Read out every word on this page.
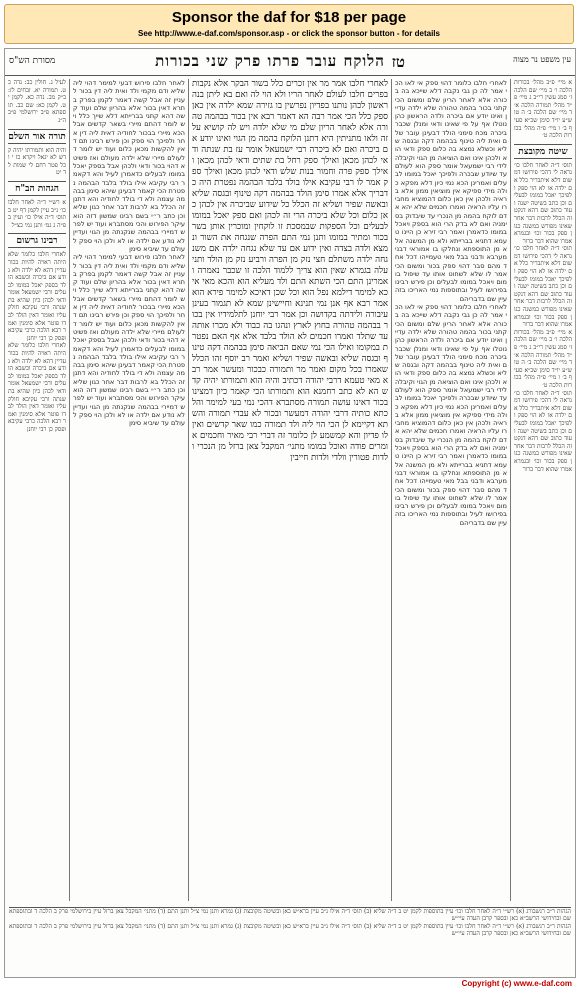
Sponsor the daf for $18 per page
See http://www.e-daf.com/sponsor.asp - or click the sponsor button - for details
עין משפט נר מצוה
טז
הלוקח עובר פרתו פרק שני בכורות
מסורת הש"ס
א מיי׳ פ״ב מהל׳ בכורות הלכה ו׳ ב מיי׳ שם הלכה ז׳ סמג עשין רי״ב ג מיי׳ פ״ד מהל׳ תמורה הלכה א׳ ד מיי׳ שם הלכה ב׳ ה טוש״ע יו״ד סימן שכ״א סעיף ב׳ ו מיי׳ פ״ה מהל׳ בכורות הלכה ט׳
שיטה מקובצת
תוס׳ ד״ה לאחר חלבו כו׳ נראה לי דהכי פירושו דמשום דלא איתבריר כלל אם ילדה או לא הוי ספק ולפיכך יאכל במומו לבעלים וכן כתב בשיטה ישנה ועוד כתוב שם דהא דנקט זה הכלל לרבות דבר אחר שאינו מפורש במשנה כגון ספק בכור וכו׳ ובגמרא אמרו שהוא דבר ברור
תוס׳ ד״ה לאחר חלבו כו׳ נראה לי דהכי פירושו דמשום דלא איתבריר כלל אם ילדה או לא הוי ספק ולפיכך יאכל במומו לבעלים וכן כתב בשיטה ישנה ועוד כתוב שם דהא דנקט זה הכלל לרבות דבר אחר שאינו מפורש במשנה כגון ספק בכור וכו׳ ובגמרא אמרו שהוא דבר ברור
א מיי׳ פ״ב מהל׳ בכורות הלכה ו׳ ב מיי׳ שם הלכה ז׳ סמג עשין רי״ב ג מיי׳ פ״ד מהל׳ תמורה הלכה א׳ ד מיי׳ שם הלכה ב׳ ה טוש״ע יו״ד סימן שכ״א סעיף ב׳ ו מיי׳ פ״ה מהל׳ בכורות הלכה ט׳
תוס׳ ד״ה לאחר חלבו כו׳ נראה לי דהכי פירושו דמשום דלא איתבריר כלל אם ילדה או לא הוי ספק ולפיכך יאכל במומו לבעלים וכן כתב בשיטה ישנה ועוד כתוב שם דהא דנקט זה הכלל לרבות דבר אחר שאינו מפורש במשנה כגון ספק בכור וכו׳ ובגמרא אמרו שהוא דבר ברור
לאחרי חלבו כלומר דהוי ספק אי לאו הכי אמר לה כן גבי נקבה דלא שייכא בה בכורה אלא לאחר הריון שלם ומשום הכי קתני בכור בהמה טהורה שלא ילדה עדיין ואינו יודע אם ביכרה ולדה הראשון כהן נוטלו אף על פי שאינו ודאי ומנלן שכבר ביכרה מכח סימני הולד דבעינן עובר שלם ואית ליה טינוף בבהמה דקה ובגסה שליא וכשלא נמצא בה כלום ספק ודאי הוא ולכהן אינו ואם הוציאה מן הגוי וקיבלה לידי רבי ישמעאל אומר ספק הוא לעולם עד שיודע שבכרה ולפיכך יאכל במומו לבעלים ואמרינן הכא נמי כיון דלא מפקא כולה מידי ספיקא אין מוציאין ממון אלא בראיה ולכהן אין כאן כלום דהמוציא מחבירו עליו הראיה ואמרו חכמים שלא יהא אדם לוקח בהמה מן הנכרי עד שיבדוק בסימניה ואם לא בדק הרי הוא בספק ויאכל במומו כדאמרן ואמר רבי זירא כן היינו טעמא דתניא בברייתא ולא מן המשנה אלא מן התוספתא ונחלקו בו אמוראי דבני מערבא ודבני בבל מאי טעמייהו דכל אחד מהם סבר דהוי ספק בכור ומשום הכי אמר לו שלא לשחוט אותו עד שיפול בו מום ויאכל במומו לבעלים וכן פירש רבינו בפירושו לעיל ובתוספות נמי האריכו בזה עיין שם בדבריהם
לאחרי חלבו כלומר דהוי ספק אי לאו הכי אמר לה כן גבי נקבה דלא שייכא בה בכורה אלא לאחר הריון שלם ומשום הכי קתני בכור בהמה טהורה שלא ילדה עדיין ואינו יודע אם ביכרה ולדה הראשון כהן נוטלו אף על פי שאינו ודאי ומנלן שכבר ביכרה מכח סימני הולד דבעינן עובר שלם ואית ליה טינוף בבהמה דקה ובגסה שליא וכשלא נמצא בה כלום ספק ודאי הוא ולכהן אינו ואם הוציאה מן הגוי וקיבלה לידי רבי ישמעאל אומר ספק הוא לעולם עד שיודע שבכרה ולפיכך יאכל במומו לבעלים ואמרינן הכא נמי כיון דלא מפקא כולה מידי ספיקא אין מוציאין ממון אלא בראיה ולכהן אין כאן כלום דהמוציא מחבירו עליו הראיה ואמרו חכמים שלא יהא אדם לוקח בהמה מן הנכרי עד שיבדוק בסימניה ואם לא בדק הרי הוא בספק ויאכל במומו כדאמרן ואמר רבי זירא כן היינו טעמא דתניא בברייתא ולא מן המשנה אלא מן התוספתא ונחלקו בו אמוראי דבני מערבא ודבני בבל מאי טעמייהו דכל אחד מהם סבר דהוי ספק בכור ומשום הכי אמר לו שלא לשחוט אותו עד שיפול בו מום ויאכל במומו לבעלים וכן פירש רבינו בפירושו לעיל ובתוספות נמי האריכו בזה עיין שם בדבריהם
לאחרי חלבו אמר מר אין זכרים כלל בשור הבקר אלא נקבות בפרים חלבו לעולם לאחר הריו ולא הוי לה ואם בא ליתן בנה ראשון לכהן נותנו בפדיון נפרשין בו גזירה שמא ילדה אין כאן ספק כלל הכי אמר רבה הא דאמר רבא אין בכור בבהמה טהורה אלא לאחר הריון שלם מי שלא ילדה ויש לה קושיא על זה ולאו מתניתין היא דתנן הלוקח בהמה מן הגוי ואינו יודע אם ביכרה ואם לא ביכרה רבי ישמעאל אומר עז בת שנתה ודאי לכהן מכאן ואילך ספק רחל בת שתים ודאי לכהן מכאן ואילך ספק פרה וחמור בנות שלש ודאי לכהן מכאן ואילך ספק אמר לו רבי עקיבא אילו בולד בלבד הבהמה נפטרת היה כדבריך אלא אמרו סימן הולד בבהמה דקה טינוף ובגסה שליא ובאשה שפיר ושליא זה הכלל כל שידוע שביכרה אין לכהן כאן כלום וכל שלא ביכרה הרי זה לכהן ואם ספק יאכל במומו לבעלים וכל הספקות שבמסכת זו לוקחין ומוכרין אותן בשר בכור ומתיר במומו ותנן נמי התם הפרה שנגחה את השור ונמצא ולדה בצדה ואין ידוע אם עד שלא נגחה ילדה אם משנגחה ילדה משתלם חצי נזק מן הפרה ורביע נזק מן הולד ותני עלה בגמרא שאין הוא צריך ללמוד הלכה זו שכבר נאמרה ואמרינן התם הכי השתא התם ולד מעליא הוא והכא מאי איכא למימר דילמא נפל הוא וכל שכן דאיכא למימר פירא הוא אמר רבא אף אנן נמי תנינא וחיישינן שמא לא תגמור בעינן עיבורה ולידתה בקדושה וכן אמר רבי יוחנן לתלמידיו אין בכור בבהמה טהורה בחוץ לארץ ונהגו בה כבוד ולא מכרו אותה עד שתלד ואמרו חכמים לא הולד בלבד אלא אף האם נפטרת במקומו ואילו הכי נמי שאם הביאה סימן בבהמה דקה טינוף ובגסה שליא ובאשה שפיר ושליא ואמר רב יוסף זהו הכלל שאמרו בכל מקום ואמר מר ותמורה כבכור ומעשר אמר רבא מאי טעמא דרבי יהודה דכתיב והיה הוא ותמורתו יהיה קדש הא לא כתב רחמנא הוא ותמורתו הכי קאמר כיון דמצינו בכור דאינו עושה תמורה מסתברא דהכי נמי בעי למימר והלכתא כותיה דרבי יהודה דמעשר ובכור לא עבדי תמורה והשתא דקיימא לן הכי הוי ליה ולד תמורה כמו שאר קדשים ואין לו פדיון והא קמשמע לן כלומר זה דברי רבי מאיר וחכמים אומרים פודה ואוכל במומו מתני׳ המקבל צאן ברזל מן הנכרי ולדות פטורין וולדי ולדות חייבין
לאחר חלבו פירוש דבעי למימר דהוי ליה שליא ודם מקמי ולד ואית ליה דין בכור לעניין זה אבל קשה דאמר לקמן בפרק בתרא דאין בכור אלא בהריון שלם ועוד קשה דהא קתני בברייתא דלא שייך כלל ויש לומר דהתם מיירי בשאר קדשים אבל הכא מיירי בבכור לחודיה דאית ליה דין אחר ולפיכך הוי ספק וכן פירש רבינו תם דאין להקשות מכאן כלום ועוד יש לומר דלעולם מיירי שלא ילדה מעולם ואז פשיטא דהוי בכור ודאי ולכהן אבל בספק יאכל במומו לבעלים כדאמרן לעיל והא דקאמר רבי עקיבא אילו בולד בלבד הבהמה נפטרת הכי קאמר דבעינן שיהא סימן בבהמה עצמה ולא די בולד לחודיה והא דתנן זה הכלל בא לרבות דבר אחר כגון שליא וכן כתב ר״י בשם רבינו שמשון דזה הוא עיקר הפירוש והכי מסתברא ועוד יש לפרש דמיירי בבהמה שנקנתה מן הגוי ועדיין לא נודע אם ילדה או לא ולכן הוי ספק לעולם עד שיביא סימן
לאחר חלבו פירוש דבעי למימר דהוי ליה שליא ודם מקמי ולד ואית ליה דין בכור לעניין זה אבל קשה דאמר לקמן בפרק בתרא דאין בכור אלא בהריון שלם ועוד קשה דהא קתני בברייתא דלא שייך כלל ויש לומר דהתם מיירי בשאר קדשים אבל הכא מיירי בבכור לחודיה דאית ליה דין אחר ולפיכך הוי ספק וכן פירש רבינו תם דאין להקשות מכאן כלום ועוד יש לומר דלעולם מיירי שלא ילדה מעולם ואז פשיטא דהוי בכור ודאי ולכהן אבל בספק יאכל במומו לבעלים כדאמרן לעיל והא דקאמר רבי עקיבא אילו בולד בלבד הבהמה נפטרת הכי קאמר דבעינן שיהא סימן בבהמה עצמה ולא די בולד לחודיה והא דתנן זה הכלל בא לרבות דבר אחר כגון שליא וכן כתב ר״י בשם רבינו שמשון דזה הוא עיקר הפירוש והכי מסתברא ועוד יש לפרש דמיירי בבהמה שנקנתה מן הגוי ועדיין לא נודע אם ילדה או לא ולכן הוי ספק לעולם עד שיביא סימן
לעיל ג. חולין כב: נדה כט. תמורה יא. זבחים לז: ב״ק מב. נדה כא. לקמן יט. לקמן כא: שם כב. תוספתא פ״ב ירושלמי פ״ב ה״ג
תורה אור השלם
והיה הוא ותמורתו יהיה קדש לא יגאל ויקרא כז י וכל פטר רחם לי שמות לד יט
הגהות הב"ח
א רש״י ד״ה לאחר חלבו כו׳ נ״ב עיין לקמן דף יט ב תוס׳ ד״ה אילו כו׳ ועיין בפ״ה ג גמ׳ ותנן נמי כצ״ל
רבינו גרשום
לאחרי חלבו כלומר שלא היתה ראויה להיות בכור עדיין דהא לא ילדה ולא נודע אם ביכרה וכשבא הולד בספק יאכל במומו לבעלים ורבי ישמעאל אומר ודאי לכהן כיון שהיא בת שנתה ורבי עקיבא חולק עליו ואומר דאין הולד לבדו פוטר אלא סימנין ואמר רבא הלכה כרבי עקיבא ופסק כן רבי יוחנן
לאחרי חלבו כלומר שלא היתה ראויה להיות בכור עדיין דהא לא ילדה ולא נודע אם ביכרה וכשבא הולד בספק יאכל במומו לבעלים ורבי ישמעאל אומר ודאי לכהן כיון שהיא בת שנתה ורבי עקיבא חולק עליו ואומר דאין הולד לבדו פוטר אלא סימנין ואמר רבא הלכה כרבי עקיבא ופסק כן רבי יוחנן
הגהות ר״ב רנשבורג (א) רש״י ד״ה לאחר חלבו וכו׳ עיין בתוספות לקמן יט ב ד״ה שליא (ב) תוס׳ ד״ה אילו נ״ב עיין ברא״ש כאן ובשיטה מקובצת (ג) גמרא ותנן נמי צ״ל ותנן התם (ד) מתני׳ המקבל צאן ברזל עיין בירושלמי פרק ב הלכה ד ובתוספתא שם ובחידושי הרשב״א כאן ובספר קרבן העדה עיי״ש
הגהות ר״ב רנשבורג (א) רש״י ד״ה לאחר חלבו וכו׳ עיין בתוספות לקמן יט ב ד״ה שליא (ב) תוס׳ ד״ה אילו נ״ב עיין ברא״ש כאן ובשיטה מקובצת (ג) גמרא ותנן נמי צ״ל ותנן התם (ד) מתני׳ המקבל צאן ברזל עיין בירושלמי פרק ב הלכה ד ובתוספתא שם ובחידושי הרשב״א כאן ובספר קרבן העדה עיי״ש
Copyright (c) www.e-daf.com
